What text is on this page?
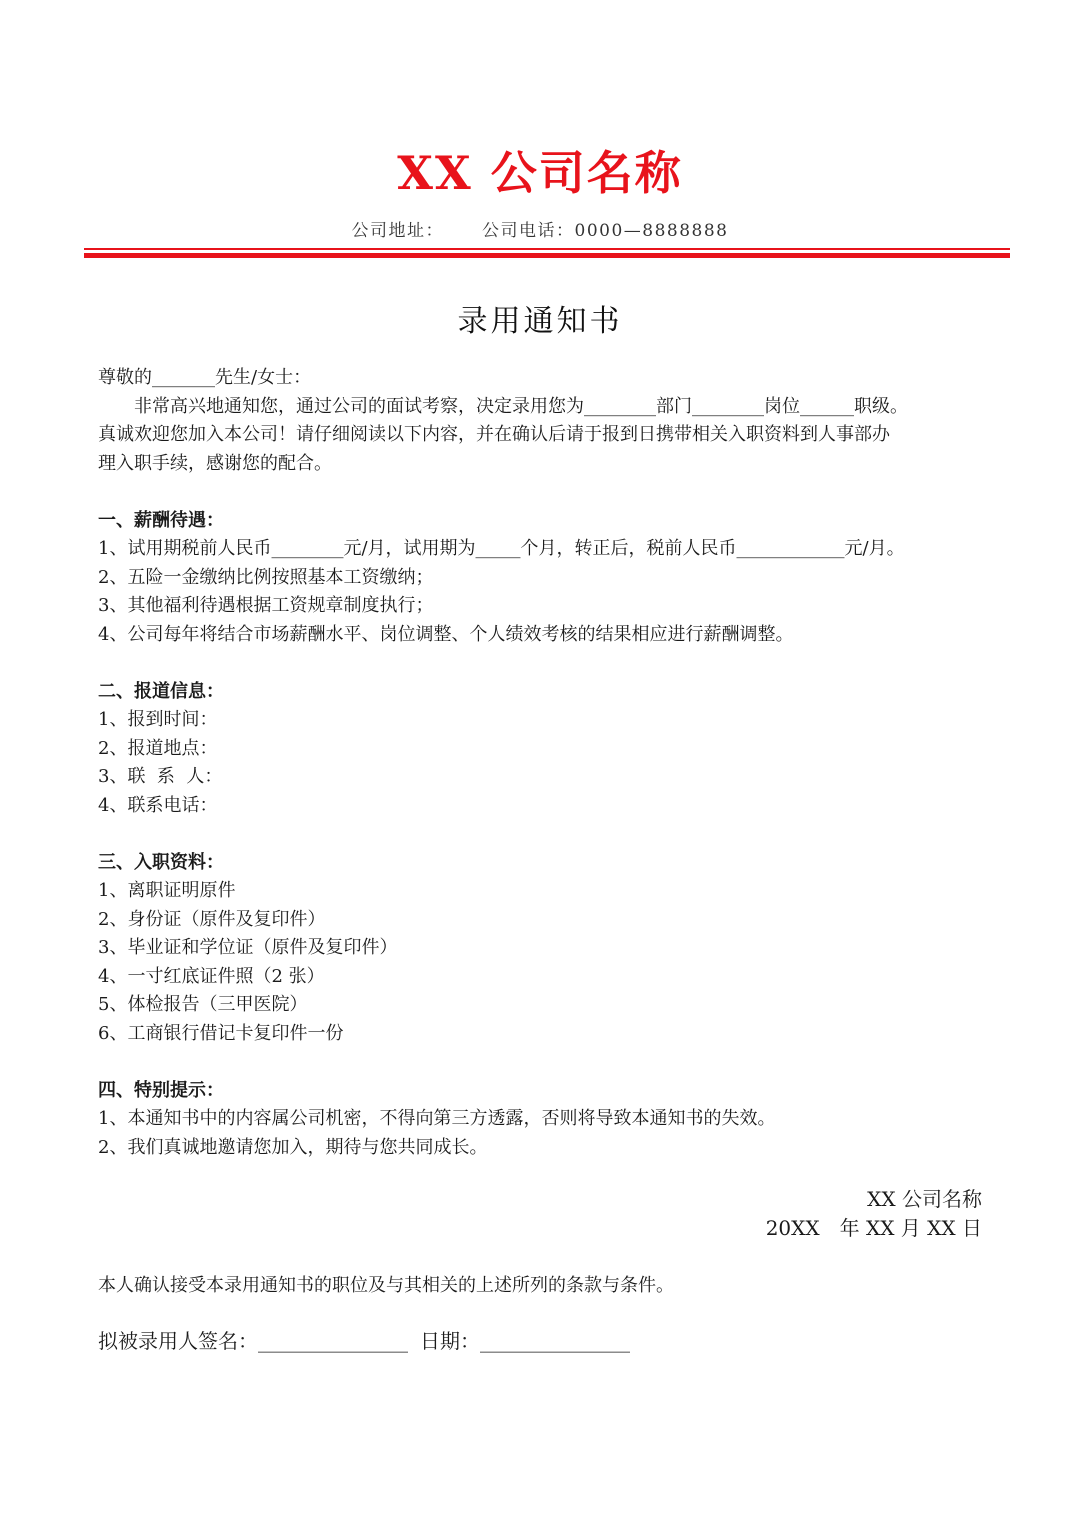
XX 公司名称
公司地址： 公司电话：0000—8888888
录用通知书

尊敬的_______先生/女士：

非常高兴地通知您，通过公司的面试考察，决定录用您为________部门________岗位______职级。

真诚欢迎您加入本公司！请仔细阅读以下内容，并在确认后请于报到日携带相关入职资料到人事部办

理入职手续，感谢您的配合。

一、薪酬待遇：

1、试用期税前人民币________元/月，试用期为_____个月，转正后，税前人民币____________元/月。

2、五险一金缴纳比例按照基本工资缴纳；

3、其他福利待遇根据工资规章制度执行；

4、公司每年将结合市场薪酬水平、岗位调整、个人绩效考核的结果相应进行薪酬调整。

二、报道信息：

1、报到时间：

2、报道地点：

3、联  系  人：

4、联系电话：

三、入职资料：

1、离职证明原件

2、身份证（原件及复印件）

3、毕业证和学位证（原件及复印件）

4、一寸红底证件照（2 张）

5、体检报告（三甲医院）

6、工商银行借记卡复印件一份

四、特别提示：

1、本通知书中的内容属公司机密，不得向第三方透露，否则将导致本通知书的失效。

2、我们真诚地邀请您加入，期待与您共同成长。

XX 公司名称
20XX　年 XX 月 XX 日
本人确认接受本录用通知书的职位及与其相关的上述所列的条款与条件。
拟被录用人签名：_______________ 日期：_______________
